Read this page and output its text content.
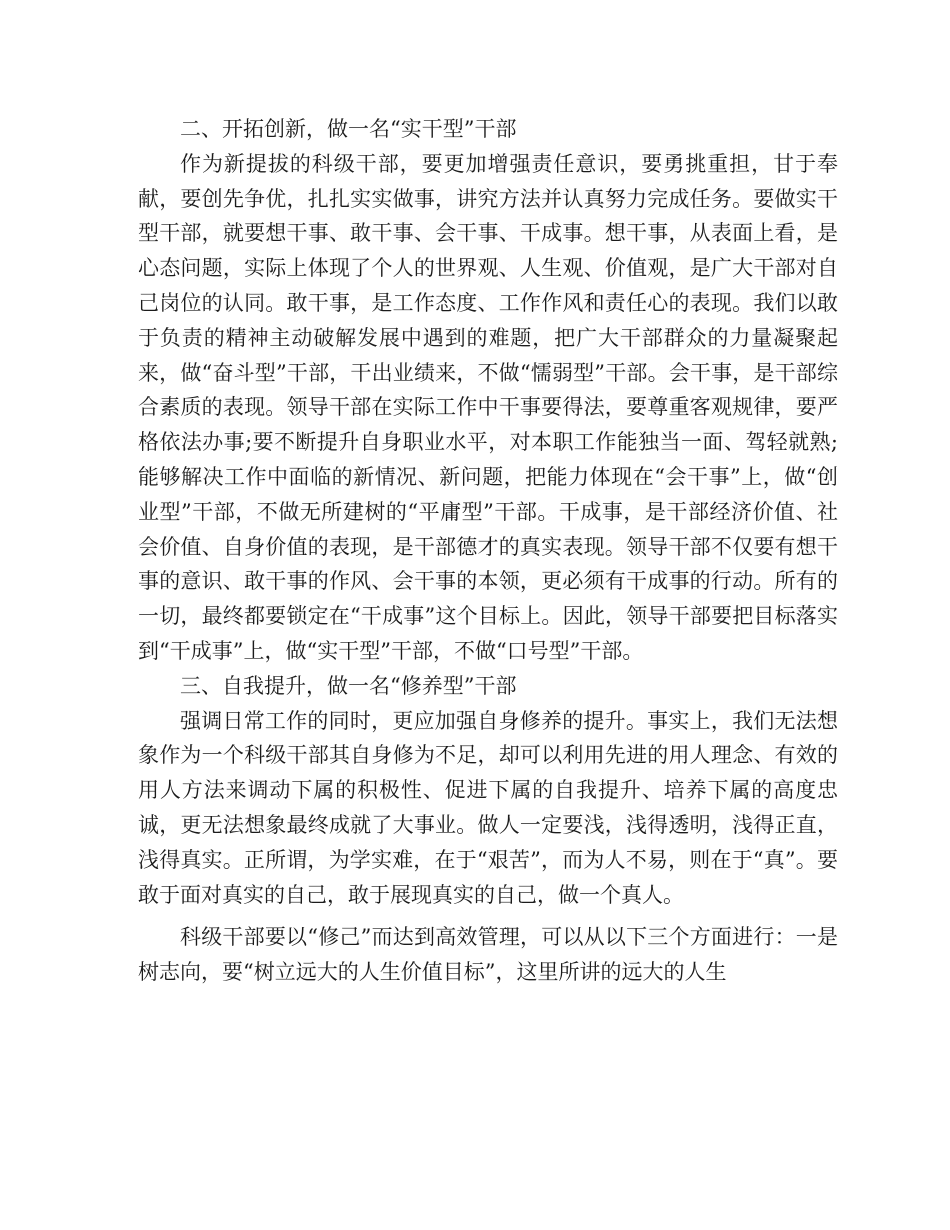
二、开拓创新，做一名“实干型”干部

作为新提拔的科级干部，要更加增强责任意识，要勇挑重担，甘于奉献，要创先争优，扎扎实实做事，讲究方法并认真努力完成任务。要做实干型干部，就要想干事、敢干事、会干事、干成事。想干事，从表面上看，是心态问题，实际上体现了个人的世界观、人生观、价值观，是广大干部对自己岗位的认同。敢干事，是工作态度、工作作风和责任心的表现。我们以敢于负责的精神主动破解发展中遇到的难题，把广大干部群众的力量凝聚起来，做“奋斗型”干部，干出业绩来，不做“懦弱型”干部。会干事，是干部综合素质的表现。领导干部在实际工作中干事要得法，要尊重客观规律，要严格依法办事;要不断提升自身职业水平，对本职工作能独当一面、驾轻就熟;能够解决工作中面临的新情况、新问题，把能力体现在“会干事”上，做“创业型”干部，不做无所建树的“平庸型”干部。干成事，是干部经济价值、社会价值、自身价值的表现，是干部德才的真实表现。领导干部不仅要有想干事的意识、敢干事的作风、会干事的本领，更必须有干成事的行动。所有的一切，最终都要锁定在“干成事”这个目标上。因此，领导干部要把目标落实到“干成事”上，做“实干型”干部，不做“口号型”干部。

三、自我提升，做一名“修养型”干部

强调日常工作的同时，更应加强自身修养的提升。事实上，我们无法想象作为一个科级干部其自身修为不足，却可以利用先进的用人理念、有效的用人方法来调动下属的积极性、促进下属的自我提升、培养下属的高度忠诚，更无法想象最终成就了大事业。做人一定要浅，浅得透明，浅得正直，浅得真实。正所谓，为学实难，在于“艰苦”，而为人不易，则在于“真”。要敢于面对真实的自己，敢于展现真实的自己，做一个真人。

科级干部要以“修己”而达到高效管理，可以从以下三个方面进行：一是树志向，要“树立远大的人生价值目标”，这里所讲的远大的人生
